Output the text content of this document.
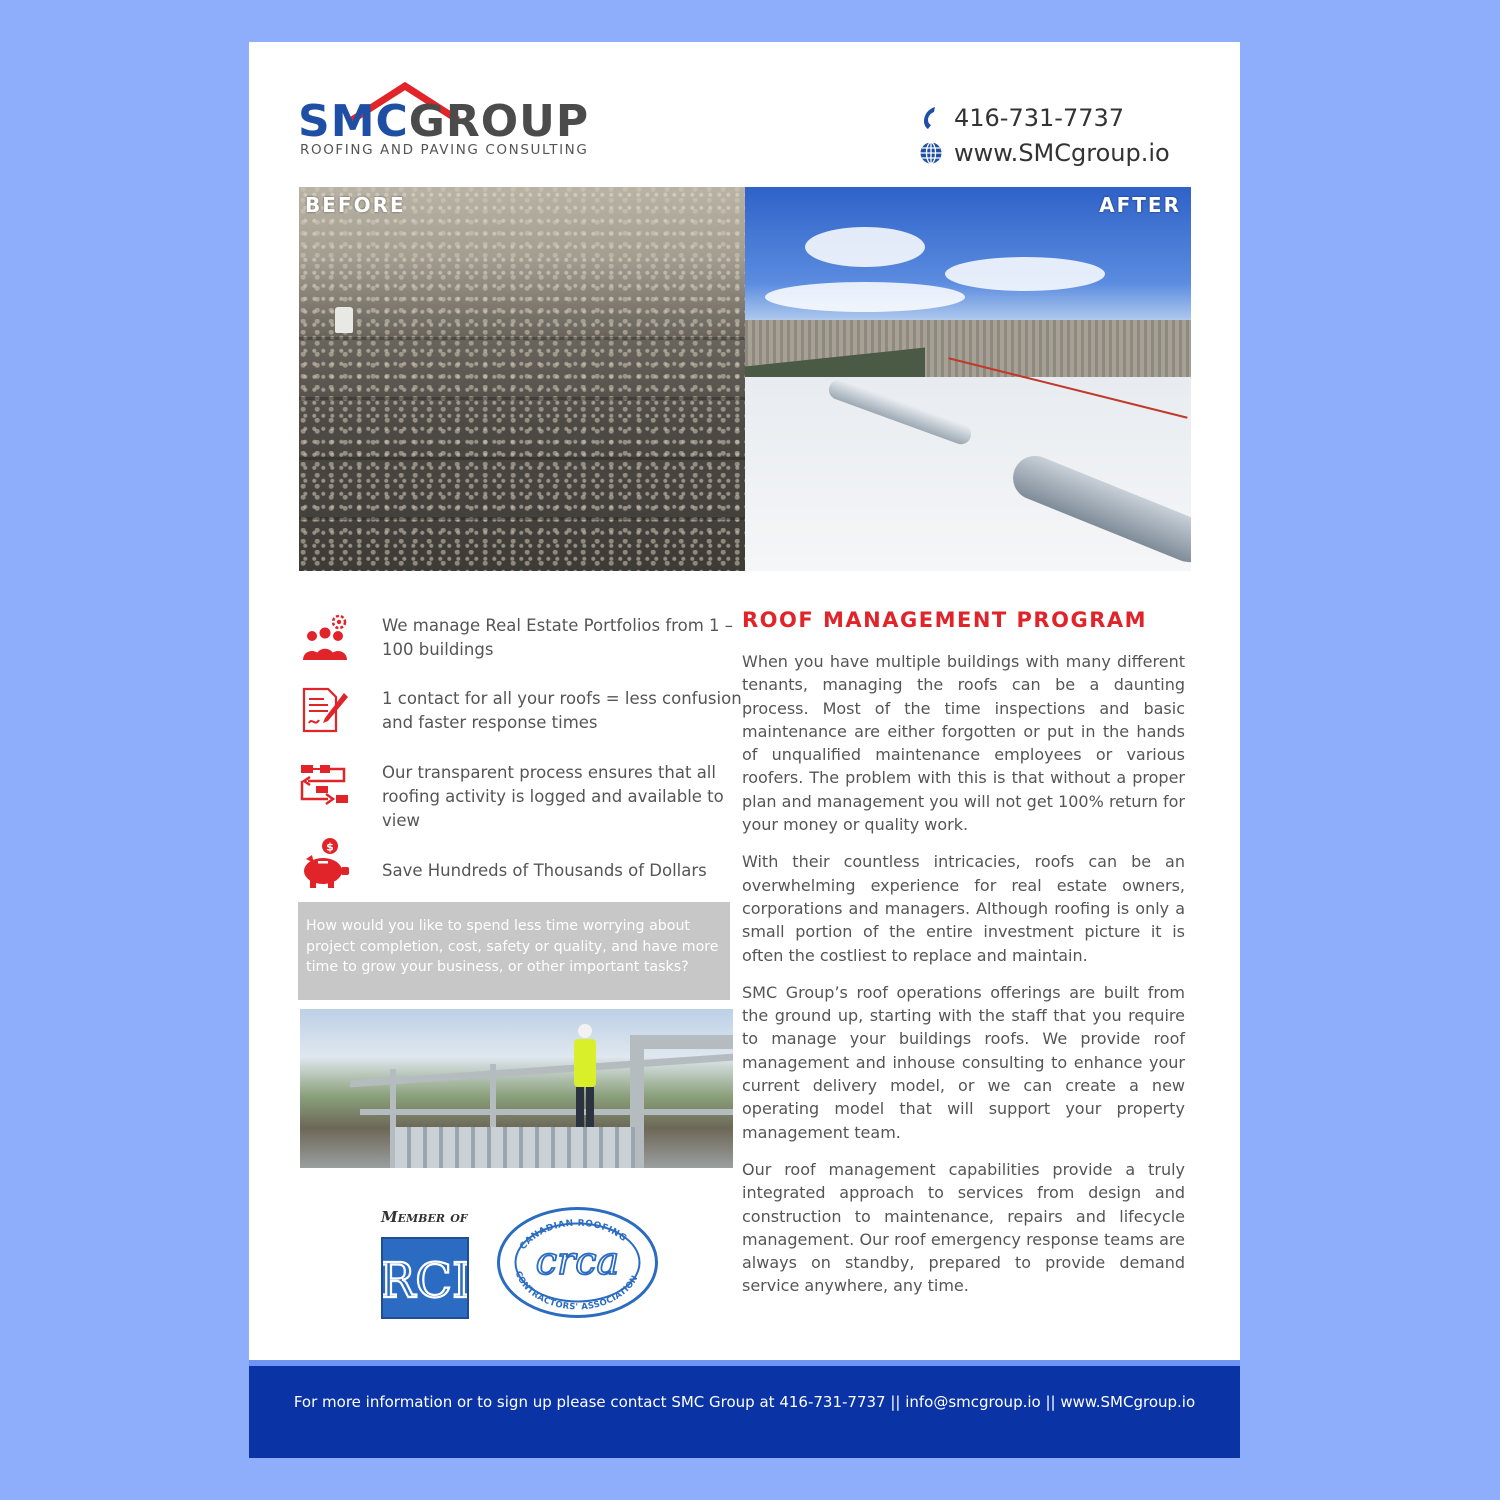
SMCGROUP
ROOFING AND PAVING CONSULTING
416-731-7737
www.SMCgroup.io
BEFORE	AFTER
We manage Real Estate Portfolios from 1 – 100 buildings
1 contact for all your roofs = less confusion and faster response times
Our transparent process ensures that all roofing activity is logged and available to view
$
Save Hundreds of Thousands of Dollars
How would you like to spend less time worrying about project completion, cost, safety or quality, and have more time to grow your business, or other important tasks?
Member of
RCI
CANADIAN ROOFING
CONTRACTORS' ASSOCIATION
crca
ROOF MANAGEMENT PROGRAM

When you have multiple buildings with many different tenants, managing the roofs can be a daunting process. Most of the time inspections and basic maintenance are either forgotten or put in the hands of unqualified maintenance employees or various roofers. The problem with this is that without a proper plan and management you will not get 100% return for your money or quality work.

With their countless intricacies, roofs can be an overwhelming experience for real estate owners, corporations and managers. Although roofing is only a small portion of the entire investment picture it is often the costliest to replace and maintain.

SMC Group’s roof operations offerings are built from the ground up, starting with the staff that you require to manage your buildings roofs. We provide roof management and inhouse consulting to enhance your current delivery model, or we can create a new operating model that will support your property management team.

Our roof management capabilities provide a truly integrated approach to services from design and construction to maintenance, repairs and lifecycle management. Our roof emergency response teams are always on standby, prepared to provide demand service anywhere, any time.

For more information or to sign up please contact SMC Group at 416-731-7737 || info@smcgroup.io || www.SMCgroup.io
